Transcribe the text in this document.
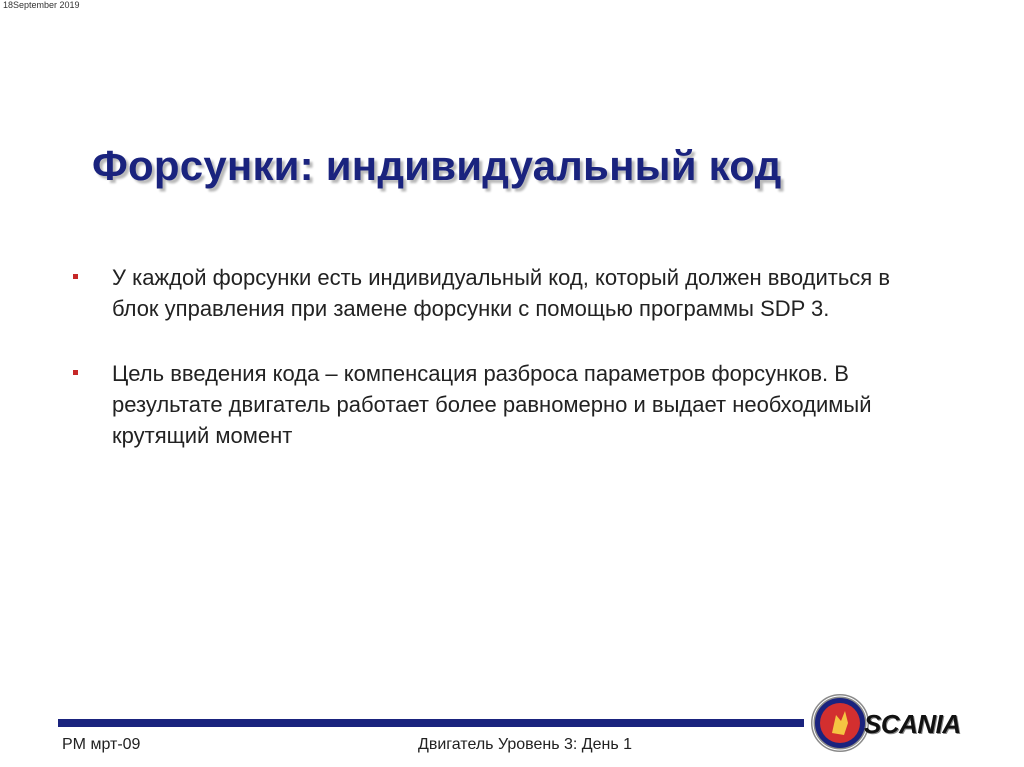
18September 2019
Форсунки: индивидуальный код
У каждой форсунки есть индивидуальный код, который должен вводиться в блок управления при замене форсунки с помощью программы SDP 3.
Цель введения кода – компенсация разброса параметров форсунков. В результате двигатель работает более равномерно и выдает необходимый крутящий момент
PM мрт-09	Двигатель Уровень 3: День 1
SCANIA
